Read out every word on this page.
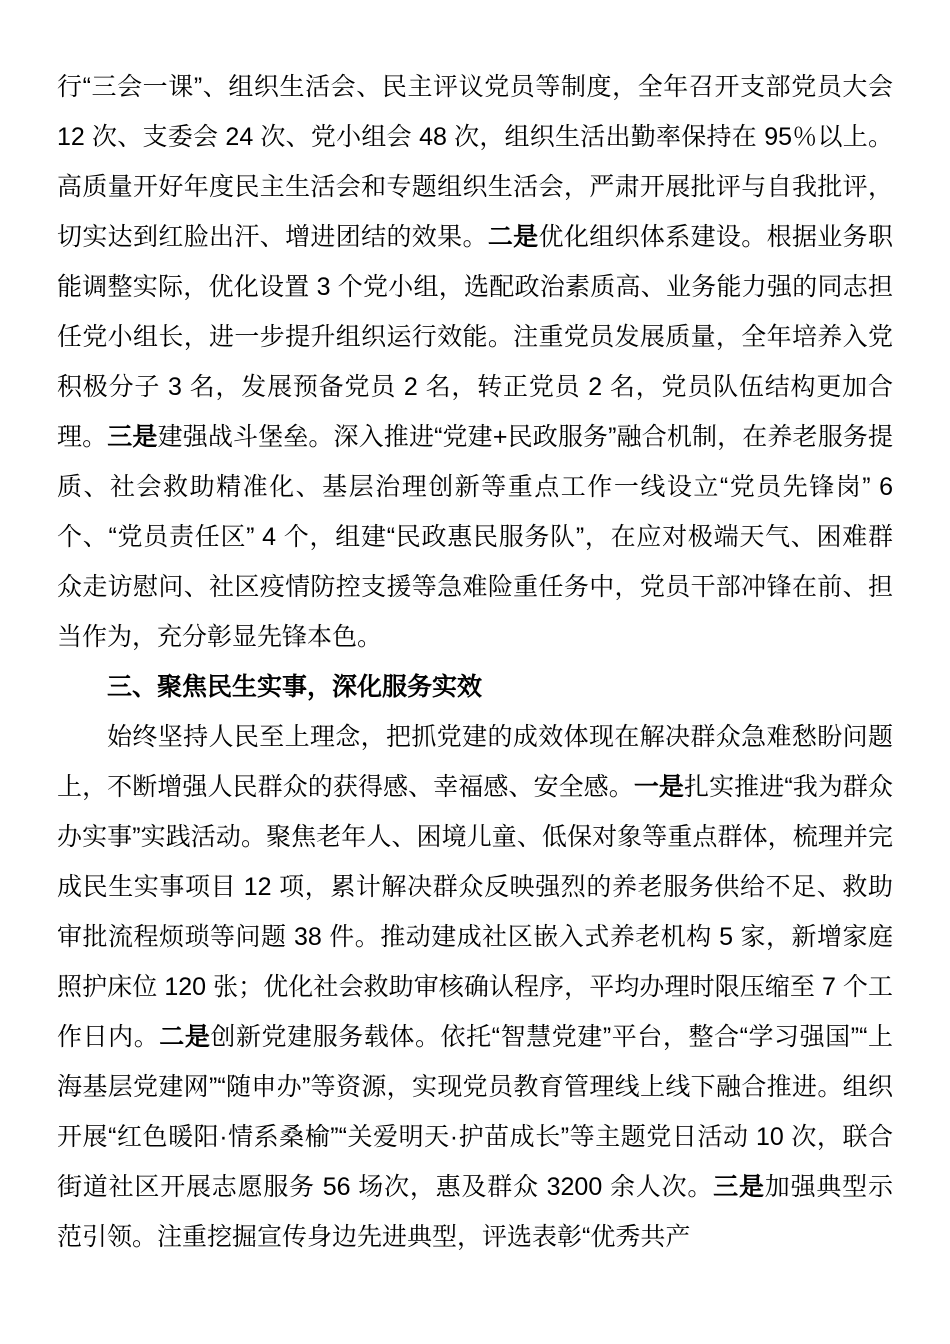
行“三会一课”、组织生活会、民主评议党员等制度，全年召开支部党员大会 12 次、支委会 24 次、党小组会 48 次，组织生活出勤率保持在 95％以上。高质量开好年度民主生活会和专题组织生活会，严肃开展批评与自我批评，切实达到红脸出汗、增进团结的效果。二是优化组织体系建设。根据业务职能调整实际，优化设置 3 个党小组，选配政治素质高、业务能力强的同志担任党小组长，进一步提升组织运行效能。注重党员发展质量，全年培养入党积极分子 3 名，发展预备党员 2 名，转正党员 2 名，党员队伍结构更加合理。三是建强战斗堡垒。深入推进“党建+民政服务”融合机制，在养老服务提质、社会救助精准化、基层治理创新等重点工作一线设立“党员先锋岗” 6 个、“党员责任区” 4 个，组建“民政惠民服务队”，在应对极端天气、困难群众走访慰问、社区疫情防控支援等急难险重任务中，党员干部冲锋在前、担当作为，充分彰显先锋本色。

三、聚焦民生实事，深化服务实效

始终坚持人民至上理念，把抓党建的成效体现在解决群众急难愁盼问题上，不断增强人民群众的获得感、幸福感、安全感。一是扎实推进“我为群众办实事”实践活动。聚焦老年人、困境儿童、低保对象等重点群体，梳理并完成民生实事项目 12 项，累计解决群众反映强烈的养老服务供给不足、救助审批流程烦琐等问题 38 件。推动建成社区嵌入式养老机构 5 家，新增家庭照护床位 120 张；优化社会救助审核确认程序，平均办理时限压缩至 7 个工作日内。二是创新党建服务载体。依托“智慧党建”平台，整合“学习强国”“上海基层党建网”“随申办”等资源，实现党员教育管理线上线下融合推进。组织开展“红色暖阳·情系桑榆”“关爱明天·护苗成长”等主题党日活动 10 次，联合街道社区开展志愿服务 56 场次，惠及群众 3200 余人次。三是加强典型示范引领。注重挖掘宣传身边先进典型，评选表彰“优秀共产
